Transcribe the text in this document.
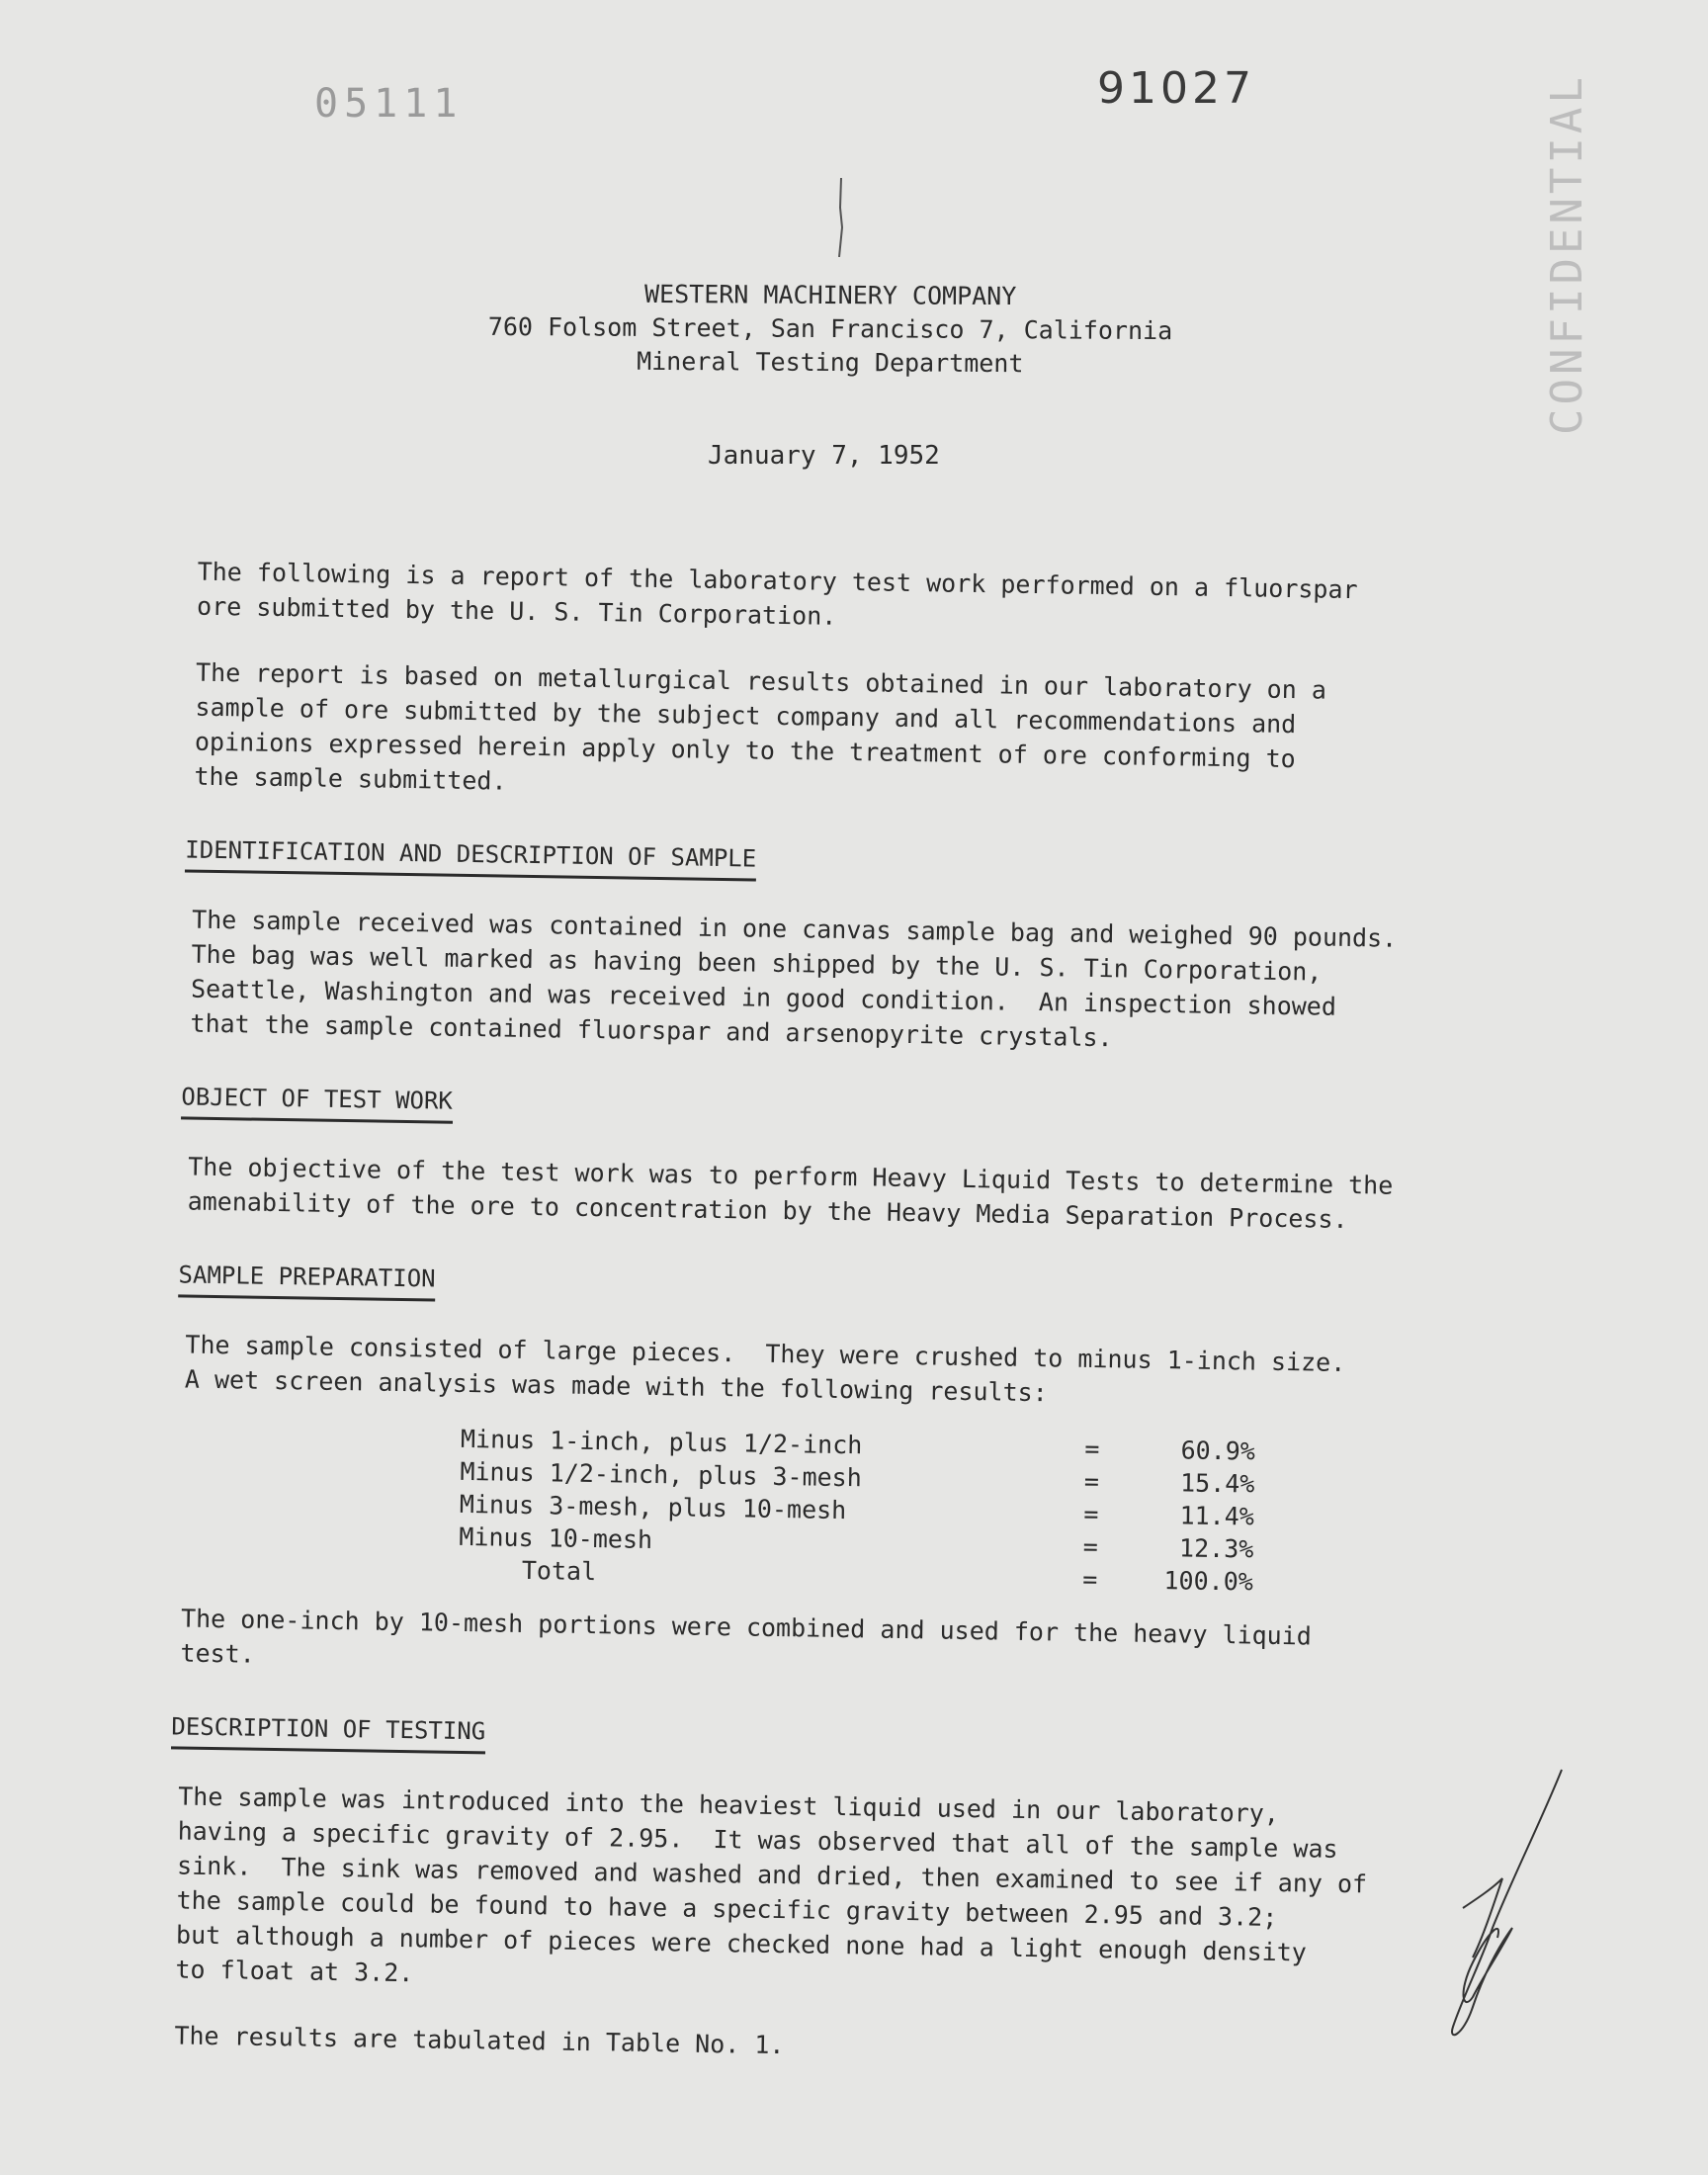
05111	91027
WESTERN MACHINERY COMPANY
760 Folsom Street, San Francisco 7, California
Mineral Testing Department
January 7, 1952

The following is a report of the laboratory test work performed on a fluorspar
ore submitted by the U. S. Tin Corporation.

The report is based on metallurgical results obtained in our laboratory on a
sample of ore submitted by the subject company and all recommendations and
opinions expressed herein apply only to the treatment of ore conforming to
the sample submitted.

IDENTIFICATION AND DESCRIPTION OF SAMPLE

The sample received was contained in one canvas sample bag and weighed 90 pounds.
The bag was well marked as having been shipped by the U. S. Tin Corporation,
Seattle, Washington and was received in good condition.  An inspection showed
that the sample contained fluorspar and arsenopyrite crystals.

OBJECT OF TEST WORK

The objective of the test work was to perform Heavy Liquid Tests to determine the
amenability of the ore to concentration by the Heavy Media Separation Process.

SAMPLE PREPARATION

The sample consisted of large pieces.  They were crushed to minus 1-inch size.
A wet screen analysis was made with the following results:

Minus 1-inch, plus 1/2-inch	=	60.9%
Minus 1/2-inch, plus 3-mesh	=	15.4%
Minus 3-mesh, plus 10-mesh	=	11.4%
Minus 10-mesh	=	12.3%
Total	=	100.0%

The one-inch by 10-mesh portions were combined and used for the heavy liquid
test.

DESCRIPTION OF TESTING

The sample was introduced into the heaviest liquid used in our laboratory,
having a specific gravity of 2.95.  It was observed that all of the sample was
sink.  The sink was removed and washed and dried, then examined to see if any of
the sample could be found to have a specific gravity between 2.95 and 3.2;
but although a number of pieces were checked none had a light enough density
to float at 3.2.

The results are tabulated in Table No. 1.

CONFIDENTIAL
